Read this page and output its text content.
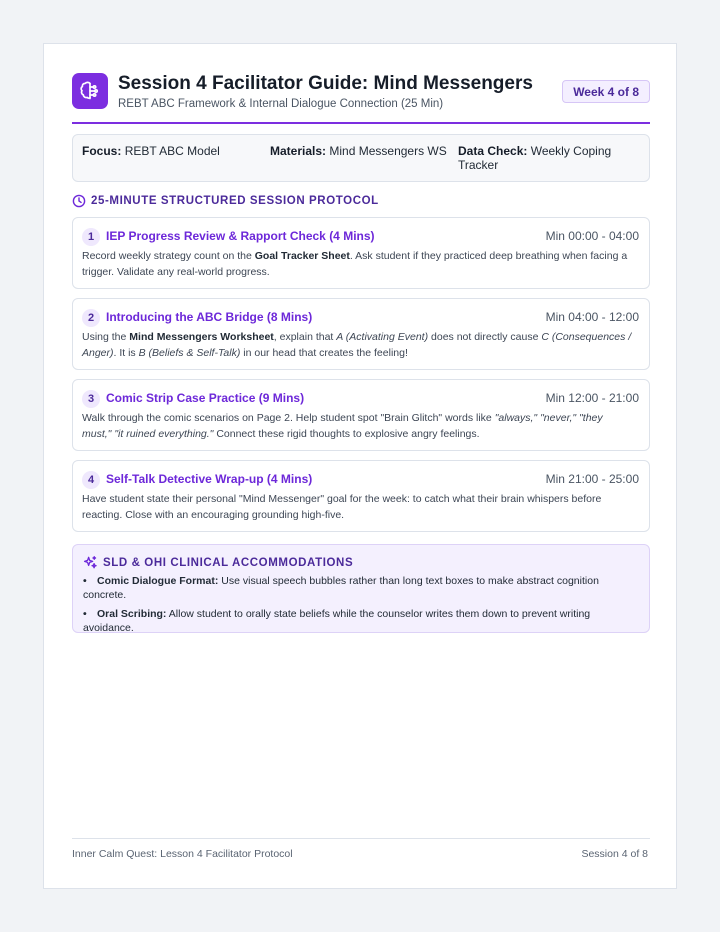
Session 4 Facilitator Guide: Mind Messengers
REBT ABC Framework & Internal Dialogue Connection (25 Min)
Week 4 of 8
Focus: REBT ABC Model	Materials: Mind Messengers WS Data Check: Weekly Coping Tracker
25-MINUTE STRUCTURED SESSION PROTOCOL
1 IEP Progress Review & Rapport Check (4 Mins)	Min 00:00 - 04:00
Record weekly strategy count on the Goal Tracker Sheet. Ask student if they practiced deep breathing when facing a trigger. Validate any real-world progress.
2 Introducing the ABC Bridge (8 Mins)	Min 04:00 - 12:00
Using the Mind Messengers Worksheet, explain that A (Activating Event) does not directly cause C (Consequences / Anger). It is B (Beliefs & Self-Talk) in our head that creates the feeling!
3 Comic Strip Case Practice (9 Mins)	Min 12:00 - 21:00
Walk through the comic scenarios on Page 2. Help student spot "Brain Glitch" words like "always," "never," "they must," "it ruined everything." Connect these rigid thoughts to explosive angry feelings.
4 Self-Talk Detective Wrap-up (4 Mins)	Min 21:00 - 25:00
Have student state their personal "Mind Messenger" goal for the week: to catch what their brain whispers before reacting. Close with an encouraging grounding high-five.
SLD & OHI CLINICAL ACCOMMODATIONS
• Comic Dialogue Format: Use visual speech bubbles rather than long text boxes to make abstract cognition concrete.
• Oral Scribing: Allow student to orally state beliefs while the counselor writes them down to prevent writing avoidance.
Inner Calm Quest: Lesson 4 Facilitator Protocol	Session 4 of 8
